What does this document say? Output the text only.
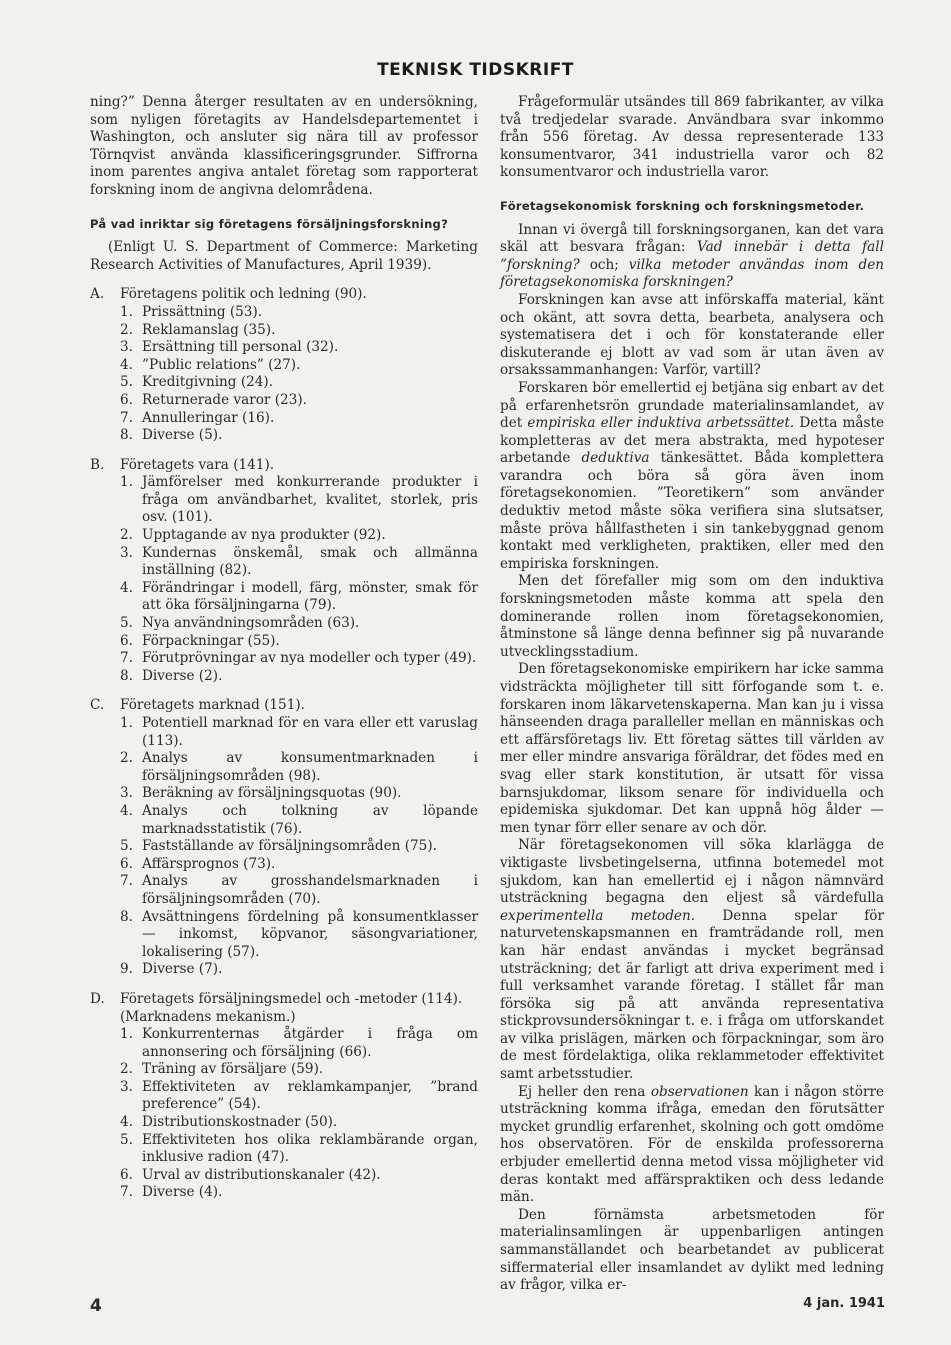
TEKNISK TIDSKRIFT

ning?” Denna återger resultaten av en undersökning, som nyligen företagits av Handelsdepartementet i Washington, och ansluter sig nära till av professor Törnqvist använda klassificeringsgrunder. Siffrorna inom parentes angiva antalet företag som rapporterat forskning inom de angivna delområdena.

På vad inriktar sig företagens försäljningsforskning?

(Enligt U. S. Department of Commerce: Marketing Research Activities of Manufactures, April 1939).

A. Företagens politik och ledning (90).
1. Prissättning (53).
2. Reklamanslag (35).
3. Ersättning till personal (32).
4. ”Public relations” (27).
5. Kreditgivning (24).
6. Returnerade varor (23).
7. Annulleringar (16).
8. Diverse (5).
B. Företagets vara (141).
1. Jämförelser med konkurrerande produkter i fråga om användbarhet, kvalitet, storlek, pris osv. (101).
2. Upptagande av nya produkter (92).
3. Kundernas önskemål, smak och allmänna inställning (82).
4. Förändringar i modell, färg, mönster, smak för att öka försäljningarna (79).
5. Nya användningsområden (63).
6. Förpackningar (55).
7. Förutprövningar av nya modeller och typer (49).
8. Diverse (2).
C. Företagets marknad (151).
1. Potentiell marknad för en vara eller ett varuslag (113).
2. Analys av konsumentmarknaden i försäljningsområden (98).
3. Beräkning av försäljningsquotas (90).
4. Analys och tolkning av löpande marknadsstatistik (76).
5. Fastställande av försäljningsområden (75).
6. Affärsprognos (73).
7. Analys av grosshandelsmarknaden i försäljningsområden (70).
8. Avsättningens fördelning på konsumentklasser — inkomst, köpvanor, säsongvariationer, lokalisering (57).
9. Diverse (7).
D. Företagets försäljningsmedel och -metoder (114). (Marknadens mekanism.)
1. Konkurrenternas åtgärder i fråga om annonsering och försäljning (66).
2. Träning av försäljare (59).
3. Effektiviteten av reklamkampanjer, ”brand preference” (54).
4. Distributionskostnader (50).
5. Effektiviteten hos olika reklambärande organ, inklusive radion (47).
6. Urval av distributionskanaler (42).
7. Diverse (4).

Frågeformulär utsändes till 869 fabrikanter, av vilka två tredjedelar svarade. Användbara svar inkommo från 556 företag. Av dessa representerade 133 konsumentvaror, 341 industriella varor och 82 konsumentvaror och industriella varor.

Företagsekonomisk forskning och forskningsmetoder.

Innan vi övergå till forskningsorganen, kan det vara skäl att besvara frågan: Vad innebär i detta fall ”forskning? och; vilka metoder användas inom den företagsekonomiska forskningen?

Forskningen kan avse att införskaffa material, känt och okänt, att sovra detta, bearbeta, analysera och systematisera det i och för konstaterande eller diskuterande ej blott av vad som är utan även av orsakssammanhangen: Varför, vartill?

Forskaren bör emellertid ej betjäna sig enbart av det på erfarenhetsrön grundade materialinsamlandet, av det empiriska eller induktiva arbetssättet. Detta måste kompletteras av det mera abstrakta, med hypoteser arbetande deduktiva tänkesättet. Båda komplettera varandra och böra så göra även inom företagsekonomien. ”Teoretikern” som använder deduktiv metod måste söka verifiera sina slutsatser, måste pröva hållfastheten i sin tankebyggnad genom kontakt med verkligheten, praktiken, eller med den empiriska forskningen.

Men det förefaller mig som om den induktiva forskningsmetoden måste komma att spela den dominerande rollen inom företagsekonomien, åtminstone så länge denna befinner sig på nuvarande utvecklingsstadium.

Den företagsekonomiske empirikern har icke samma vidsträckta möjligheter till sitt förfogande som t. e. forskaren inom läkarvetenskaperna. Man kan ju i vissa hänseenden draga paralleller mellan en människas och ett affärsföretags liv. Ett företag sättes till världen av mer eller mindre ansvariga föräldrar, det födes med en svag eller stark konstitution, är utsatt för vissa barnsjukdomar, liksom senare för individuella och epidemiska sjukdomar. Det kan uppnå hög ålder — men tynar förr eller senare av och dör.

När företagsekonomen vill söka klarlägga de viktigaste livsbetingelserna, utfinna botemedel mot sjukdom, kan han emellertid ej i någon nämnvärd utsträckning begagna den eljest så värdefulla experimentella metoden. Denna spelar för naturvetenskapsmannen en framträdande roll, men kan här endast användas i mycket begränsad utsträckning; det är farligt att driva experiment med i full verksamhet varande företag. I stället får man försöka sig på att använda representativa stickprovsundersökningar t. e. i fråga om utforskandet av vilka prislägen, märken och förpackningar, som äro de mest fördelaktiga, olika reklammetoder effektivitet samt arbetsstudier.

Ej heller den rena observationen kan i någon större utsträckning komma ifråga, emedan den förutsätter mycket grundlig erfarenhet, skolning och gott omdöme hos observatören. För de enskilda professorerna erbjuder emellertid denna metod vissa möjligheter vid deras kontakt med affärspraktiken och dess ledande män.

Den förnämsta arbetsmetoden för materialinsamlingen är uppenbarligen antingen sammanställandet och bearbetandet av publicerat siffermaterial eller insamlandet av dylikt med ledning av frågor, vilka er-

4	4 jan. 1941
